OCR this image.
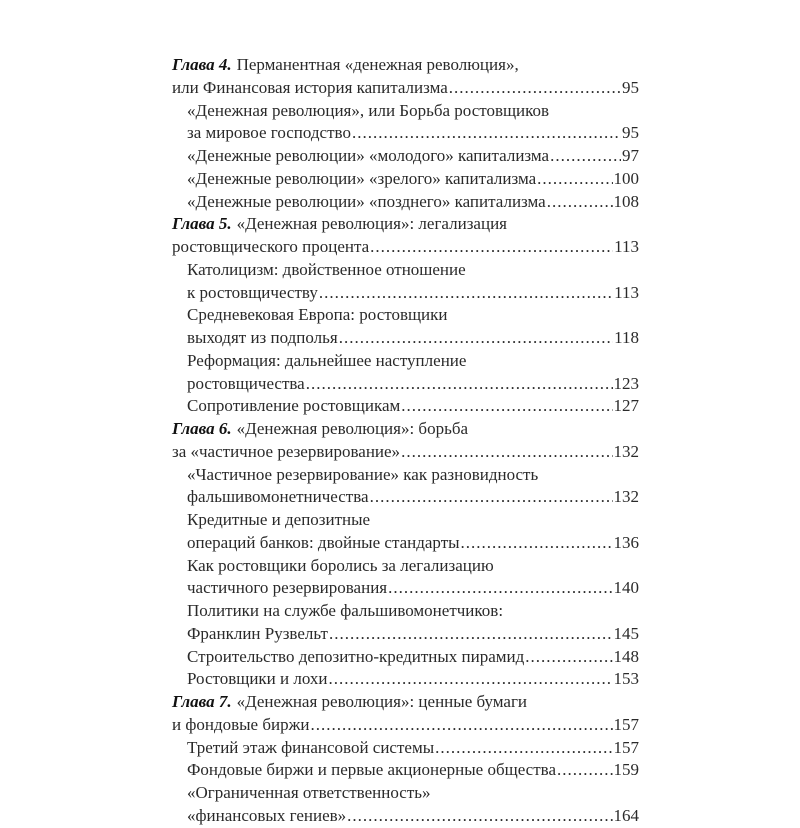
Глава 4. Перманентная «денежная революция»,
или Финансовая история капитализма .....	95
«Денежная революция», или Борьба ростовщиков
за мировое господство .....	95
«Денежные революции» «молодого» капитализма .....	97
«Денежные революции» «зрелого» капитализма .....	100
«Денежные революции» «позднего» капитализма .....	108
Глава 5. «Денежная революция»: легализация
ростовщического процента .....	113
Католицизм: двойственное отношение
к ростовщичеству .....	113
Средневековая Европа: ростовщики
выходят из подполья .....	118
Реформация: дальнейшее наступление
ростовщичества .....	123
Сопротивление ростовщикам .....	127
Глава 6. «Денежная революция»: борьба
за «частичное резервирование» .....	132
«Частичное резервирование» как разновидность
фальшивомонетничества .....	132
Кредитные и депозитные
операций банков: двойные стандарты .....	136
Как ростовщики боролись за легализацию
частичного резервирования .....	140
Политики на службе фальшивомонетчиков:
Франклин Рузвельт .....	145
Строительство депозитно-кредитных пирамид .....	148
Ростовщики и лохи .....	153
Глава 7. «Денежная революция»: ценные бумаги
и фондовые биржи .....	157
Третий этаж финансовой системы .....	157
Фондовые биржи и первые акционерные общества .....	159
«Ограниченная ответственность»
«финансовых гениев» .....	164
